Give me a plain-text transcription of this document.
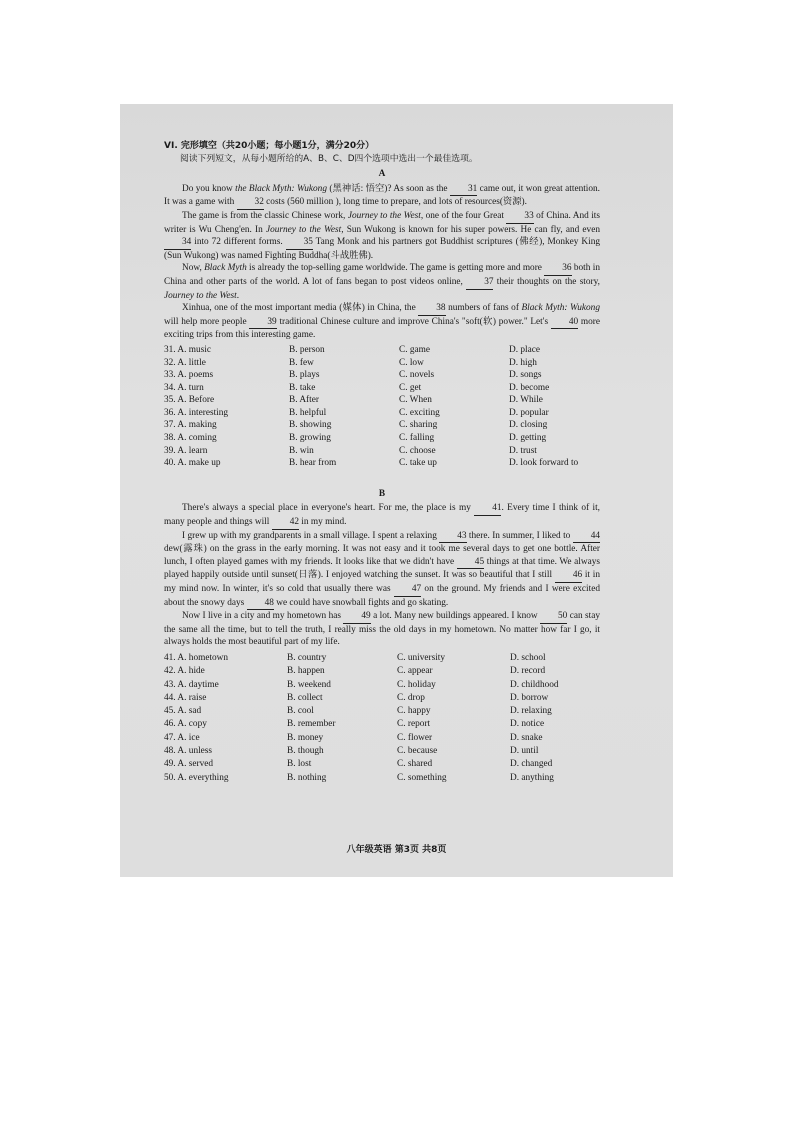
VI. 完形填空（共20小题；每小题1分，满分20分）
阅读下列短文，从每小题所给的A、B、C、D四个选项中选出一个最佳选项。
A

Do you know the Black Myth: Wukong (黑神话: 悟空)? As soon as the 31 came out, it won great attention. It was a game with 32 costs (560 million ), long time to prepare, and lots of resources(资源).

The game is from the classic Chinese work, Journey to the West, one of the four Great 33 of China. And its writer is Wu Cheng'en. In Journey to the West, Sun Wukong is known for his super powers. He can fly, and even 34 into 72 different forms. 35 Tang Monk and his partners got Buddhist scriptures (佛经), Monkey King (Sun Wukong) was named Fighting Buddha(斗战胜佛).

Now, Black Myth is already the top-selling game worldwide. The game is getting more and more 36 both in China and other parts of the world. A lot of fans began to post videos online, 37 their thoughts on the story, Journey to the West.

Xinhua, one of the most important media (媒体) in China, the 38 numbers of fans of Black Myth: Wukong will help more people 39 traditional Chinese culture and improve China's "soft(软) power." Let's 40 more exciting trips from this interesting game.

31. A. music	B. person	C. game	D. place
32. A. little	B. few	C. low	D. high
33. A. poems	B. plays	C. novels	D. songs
34. A. turn	B. take	C. get	D. become
35. A. Before	B. After	C. When	D. While
36. A. interesting	B. helpful	C. exciting	D. popular
37. A. making	B. showing	C. sharing	D. closing
38. A. coming	B. growing	C. falling	D. getting
39. A. learn	B. win	C. choose	D. trust
40. A. make up	B. hear from	C. take up	D. look forward to
B

There's always a special place in everyone's heart. For me, the place is my 41. Every time I think of it, many people and things will 42 in my mind.

I grew up with my grandparents in a small village. I spent a relaxing 43 there. In summer, I liked to 44 dew(露珠) on the grass in the early morning. It was not easy and it took me several days to get one bottle. After lunch, I often played games with my friends. It looks like that we didn't have 45 things at that time. We always played happily outside until sunset(日落). I enjoyed watching the sunset. It was so beautiful that I still 46 it in my mind now. In winter, it's so cold that usually there was 47 on the ground. My friends and I were excited about the snowy days 48 we could have snowball fights and go skating.

Now I live in a city and my hometown has 49 a lot. Many new buildings appeared. I know 50 can stay the same all the time, but to tell the truth, I really miss the old days in my hometown. No matter how far I go, it always holds the most beautiful part of my life.

41. A. hometown	B. country	C. university	D. school
42. A. hide	B. happen	C. appear	D. record
43. A. daytime	B. weekend	C. holiday	D. childhood
44. A. raise	B. collect	C. drop	D. borrow
45. A. sad	B. cool	C. happy	D. relaxing
46. A. copy	B. remember	C. report	D. notice
47. A. ice	B. money	C. flower	D. snake
48. A. unless	B. though	C. because	D. until
49. A. served	B. lost	C. shared	D. changed
50. A. everything	B. nothing	C. something	D. anything
八年级英语 第3页 共8页
